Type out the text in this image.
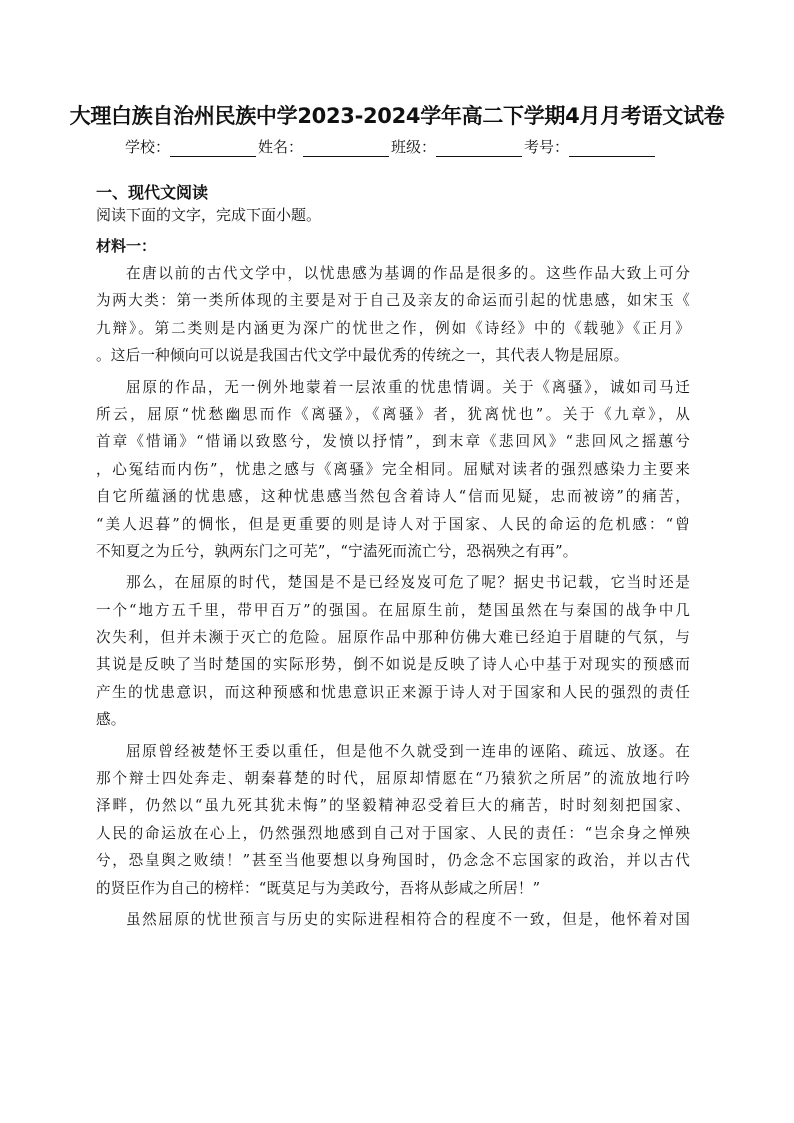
大理白族自治州民族中学2023-2024学年高二下学期4月月考语文试卷
学校：	姓名：	班级：	考号：
一、现代文阅读
阅读下面的文字，完成下面小题。
材料一：

在唐以前的古代文学中，以忧患感为基调的作品是很多的。这些作品大致上可分

为两大类：第一类所体现的主要是对于自己及亲友的命运而引起的忧患感，如宋玉《

九辩》。第二类则是内涵更为深广的忧世之作，例如《诗经》中的《载驰》《正月》

。这后一种倾向可以说是我国古代文学中最优秀的传统之一，其代表人物是屈原。

屈原的作品，无一例外地蒙着一层浓重的忧患情调。关于《离骚》，诚如司马迁

所云，屈原“忧愁幽思而作《离骚》，《离骚》者，犹离忧也”。关于《九章》，从

首章《惜诵》“惜诵以致愍兮，发愤以抒情”，到末章《悲回风》“悲回风之摇蕙兮

，心冤结而内伤”，忧患之感与《离骚》完全相同。屈赋对读者的强烈感染力主要来

自它所蕴涵的忧患感，这种忧患感当然包含着诗人“信而见疑，忠而被谤”的痛苦，

“美人迟暮”的惆怅，但是更重要的则是诗人对于国家、人民的命运的危机感：“曾

不知夏之为丘兮，孰两东门之可芜”，“宁溘死而流亡兮，恐祸殃之有再”。

那么，在屈原的时代，楚国是不是已经岌岌可危了呢？据史书记载，它当时还是

一个“地方五千里，带甲百万”的强国。在屈原生前，楚国虽然在与秦国的战争中几

次失利，但并未濒于灭亡的危险。屈原作品中那种仿佛大难已经迫于眉睫的气氛，与

其说是反映了当时楚国的实际形势，倒不如说是反映了诗人心中基于对现实的预感而

产生的忧患意识，而这种预感和忧患意识正来源于诗人对于国家和人民的强烈的责任

感。

屈原曾经被楚怀王委以重任，但是他不久就受到一连串的诬陷、疏远、放逐。在

那个辩士四处奔走、朝秦暮楚的时代，屈原却情愿在“乃猿狖之所居”的流放地行吟

泽畔，仍然以“虽九死其犹未悔”的坚毅精神忍受着巨大的痛苦，时时刻刻把国家、

人民的命运放在心上，仍然强烈地感到自己对于国家、人民的责任：“岂余身之惮殃

兮，恐皇舆之败绩！”甚至当他要想以身殉国时，仍念念不忘国家的政治，并以古代

的贤臣作为自己的榜样：“既莫足与为美政兮，吾将从彭咸之所居！”

虽然屈原的忧世预言与历史的实际进程相符合的程度不一致，但是，他怀着对国
